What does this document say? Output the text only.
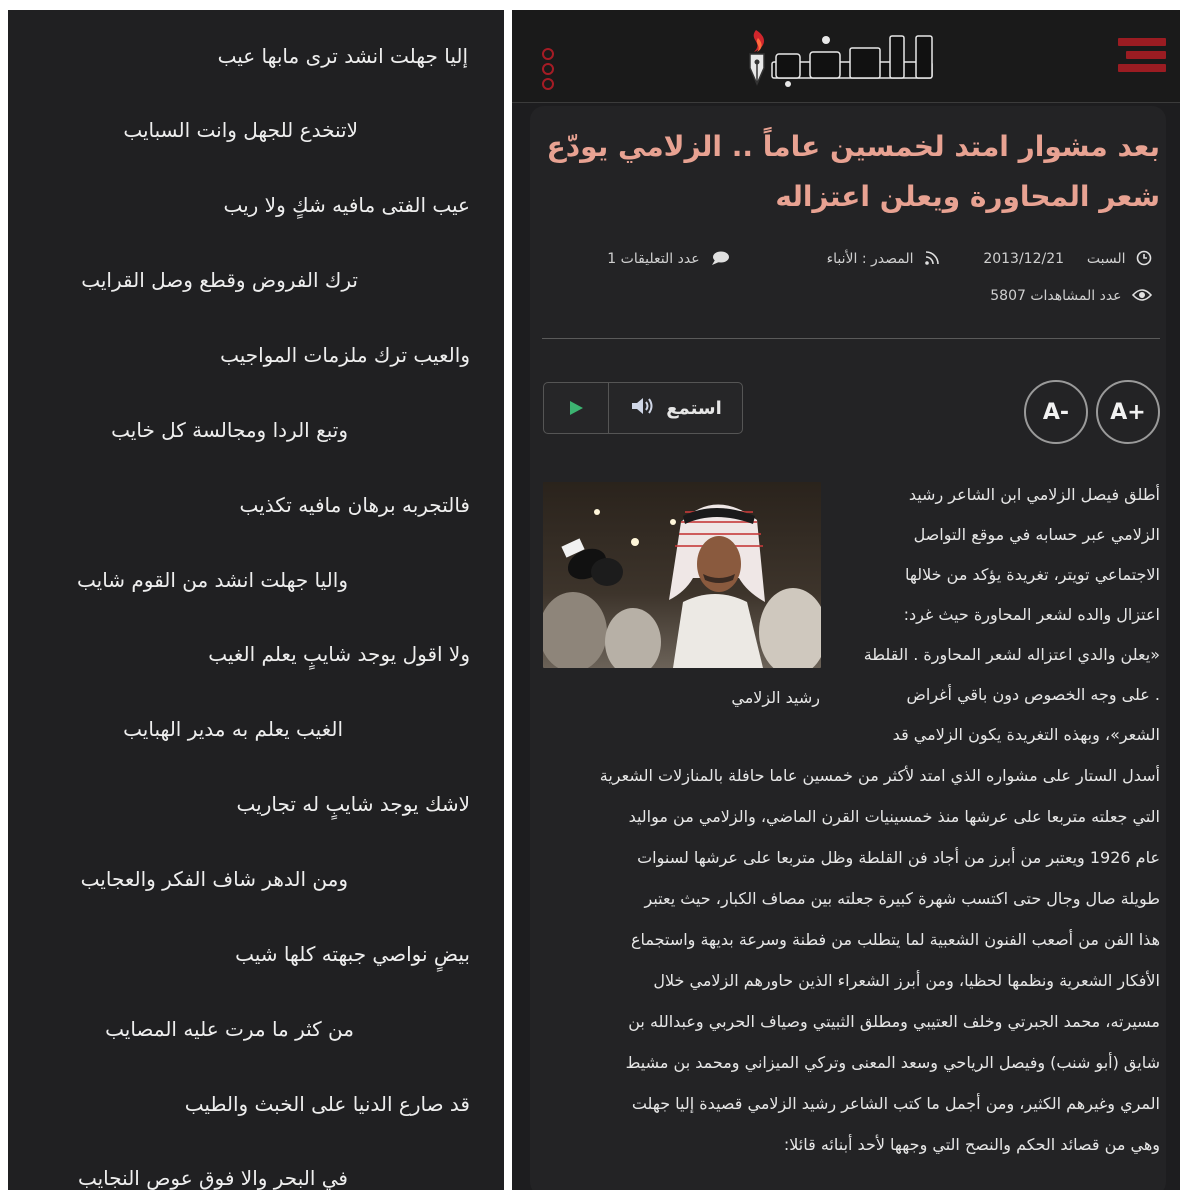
إليا جهلت انشد ترى مابها عيب
لاتنخدع للجهل وانت السبايب
عيب الفتى مافيه شكٍ ولا ريب
ترك الفروض وقطع وصل القرايب
والعيب ترك ملزمات المواجيب
وتبع الردا ومجالسة كل خايب
فالتجربه برهان مافيه تكذيب
واليا جهلت انشد من القوم شايب
ولا اقول يوجد شايبٍ يعلم الغيب
الغيب يعلم به مدير الهبايب
لاشك يوجد شايبٍ له تجاريب
ومن الدهر شاف الفكر والعجايب
بيضٍ نواصي جبهته كلها شيب
من كثر ما مرت عليه المصايب
قد صارع الدنيا على الخبث والطيب
في البحر والا فوق عوص النجايب
الأنباء
بعد مشوار امتد لخمسين عاماً .. الزلامي يودّع شعر المحاورة ويعلن اعتزاله
السبت  2013/12/21
المصدر : الأنباء
عدد التعليقات 1
عدد المشاهدات 5807
استمع	A-	A+
رشيد الزلامي
أطلق فيصل الزلامي ابن الشاعر رشيد
الزلامي عبر حسابه في موقع التواصل
الاجتماعي تويتر، تغريدة يؤكد من خلالها
اعتزال والده لشعر المحاورة حيث غرد:
«يعلن والدي اعتزاله لشعر المحاورة . القلطة
. على وجه الخصوص دون باقي أغراض
الشعر»، وبهذه التغريدة يكون الزلامي قد
أسدل الستار على مشواره الذي امتد لأكثر من خمسين عاما حافلة بالمنازلات الشعرية
التي جعلته متربعا على عرشها منذ خمسينيات القرن الماضي، والزلامي من مواليد
عام 1926 ويعتبر من أبرز من أجاد فن القلطة وظل متربعا على عرشها لسنوات
طويلة صال وجال حتى اكتسب شهرة كبيرة جعلته بين مصاف الكبار، حيث يعتبر
هذا الفن من أصعب الفنون الشعبية لما يتطلب من فطنة وسرعة بديهة واستجماع
الأفكار الشعرية ونظمها لحظيا، ومن أبرز الشعراء الذين حاورهم الزلامي خلال
مسيرته، محمد الجبرتي وخلف العتيبي ومطلق الثبيتي وصياف الحربي وعبدالله بن
شايق (أبو شنب) وفيصل الرياحي وسعد المعنى وتركي الميزاني ومحمد بن مشيط
المري وغيرهم الكثير، ومن أجمل ما كتب الشاعر رشيد الزلامي قصيدة إليا جهلت
وهي من قصائد الحكم والنصح التي وجهها لأحد أبنائه قائلا:
